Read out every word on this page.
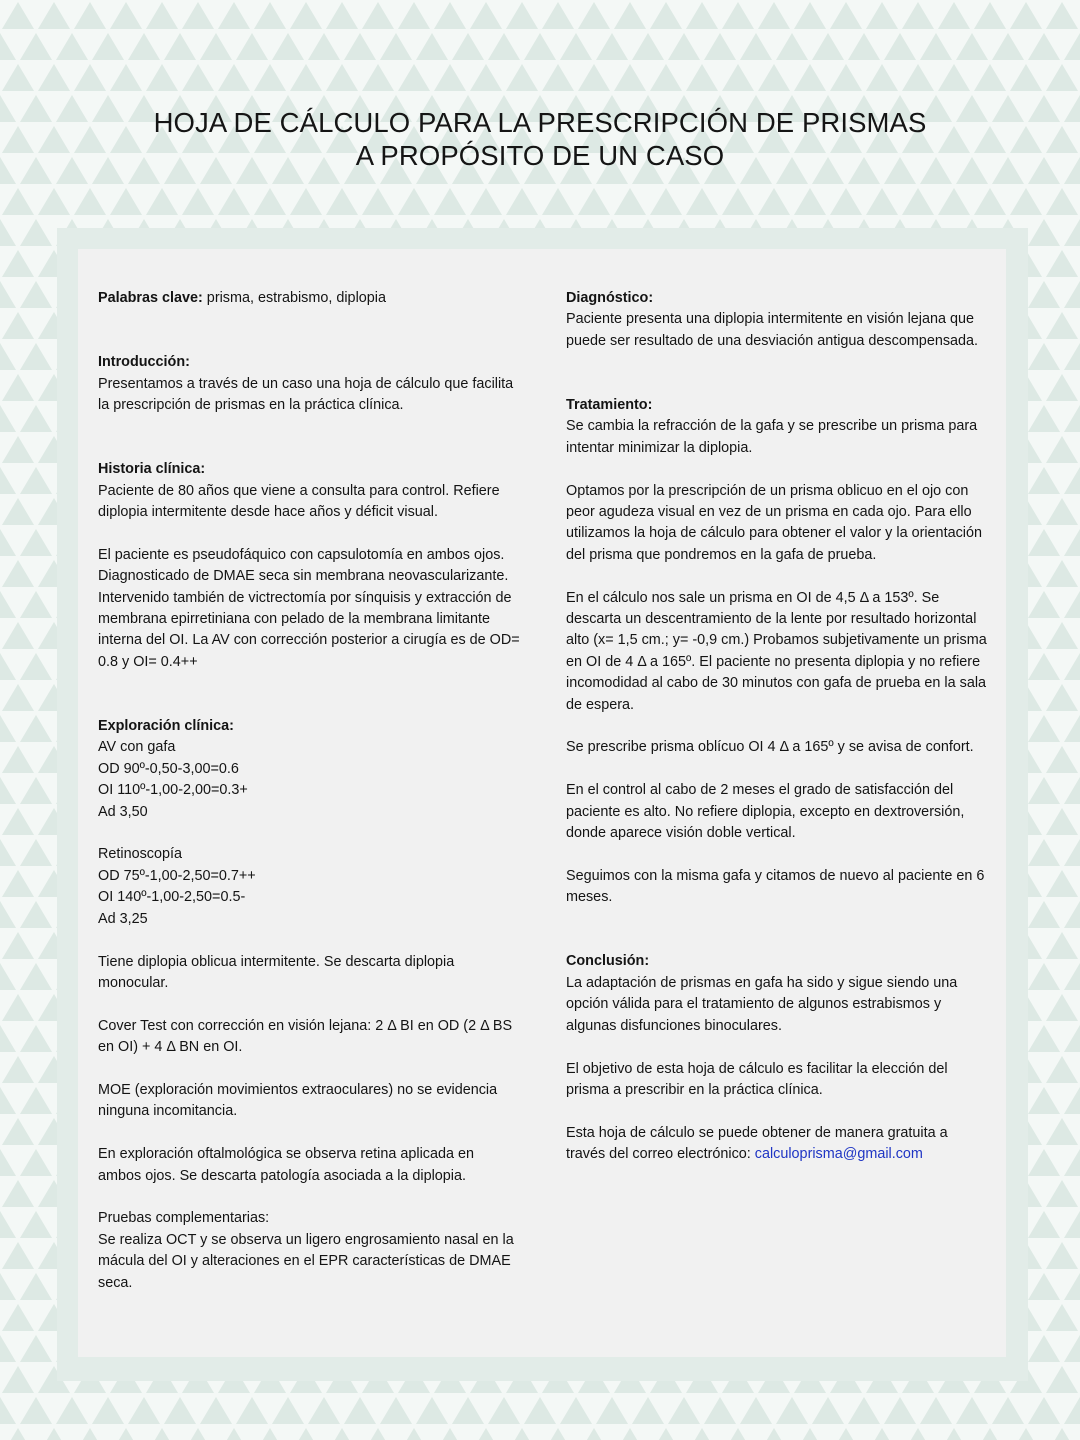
HOJA DE CÁLCULO PARA LA PRESCRIPCIÓN DE PRISMAS

A PROPÓSITO DE UN CASO

Palabras clave: prisma, estrabismo, diplopia

Introducción:

Presentamos a través de un caso una hoja de cálculo que facilita la prescripción de prismas en la práctica clínica.

Historia clínica:

Paciente de 80 años que viene a consulta para control. Refiere diplopia intermitente desde hace años y déficit visual.

El paciente es pseudofáquico con capsulotomía en ambos ojos. Diagnosticado de DMAE seca sin membrana neovascularizante. Intervenido también de victrectomía por sínquisis y extracción de membrana epirretiniana con pelado de la membrana limitante interna del OI. La AV con corrección posterior a cirugía es de OD= 0.8 y OI= 0.4++

Exploración clínica:

AV con gafa

OD 90º-0,50-3,00=0.6

OI 110º-1,00-2,00=0.3+

Ad 3,50

Retinoscopía

OD 75º-1,00-2,50=0.7++

OI 140º-1,00-2,50=0.5-

Ad 3,25

Tiene diplopia oblicua intermitente. Se descarta diplopia monocular.

Cover Test con corrección en visión lejana: 2 Δ BI en OD (2 Δ BS en OI) + 4 Δ BN en OI.

MOE (exploración movimientos extraoculares) no se evidencia ninguna incomitancia.

En exploración oftalmológica se observa retina aplicada en ambos ojos. Se descarta patología asociada a la diplopia.

Pruebas complementarias:

Se realiza OCT y se observa un ligero engrosamiento nasal en la mácula del OI y alteraciones en el EPR características de DMAE seca.

Diagnóstico:

Paciente presenta una diplopia intermitente en visión lejana que puede ser resultado de una desviación antigua descompensada.

Tratamiento:

Se cambia la refracción de la gafa y se prescribe un prisma para intentar minimizar la diplopia.

Optamos por la prescripción de un prisma oblicuo en el ojo con peor agudeza visual en vez de un prisma en cada ojo. Para ello utilizamos la hoja de cálculo para obtener el valor y la orientación del prisma que pondremos en la gafa de prueba.

En el cálculo nos sale un prisma en OI de 4,5 Δ a 153º. Se descarta un descentramiento de la lente por resultado horizontal alto (x= 1,5 cm.; y= -0,9 cm.) Probamos subjetivamente un prisma en OI de 4 Δ a 165º. El paciente no presenta diplopia y no refiere incomodidad al cabo de 30 minutos con gafa de prueba en la sala de espera.

Se prescribe prisma oblícuo OI 4 Δ a 165º y se avisa de confort.

En el control al cabo de 2 meses el grado de satisfacción del paciente es alto. No refiere diplopia, excepto en dextroversión, donde aparece visión doble vertical.

Seguimos con la misma gafa y citamos de nuevo al paciente en 6 meses.

Conclusión:

La adaptación de prismas en gafa ha sido y sigue siendo una opción válida para el tratamiento de algunos estrabismos y algunas disfunciones binoculares.

El objetivo de esta hoja de cálculo es facilitar la elección del prisma a prescribir en la práctica clínica.

Esta hoja de cálculo se puede obtener de manera gratuita a través del correo electrónico: calculoprisma@gmail.com
